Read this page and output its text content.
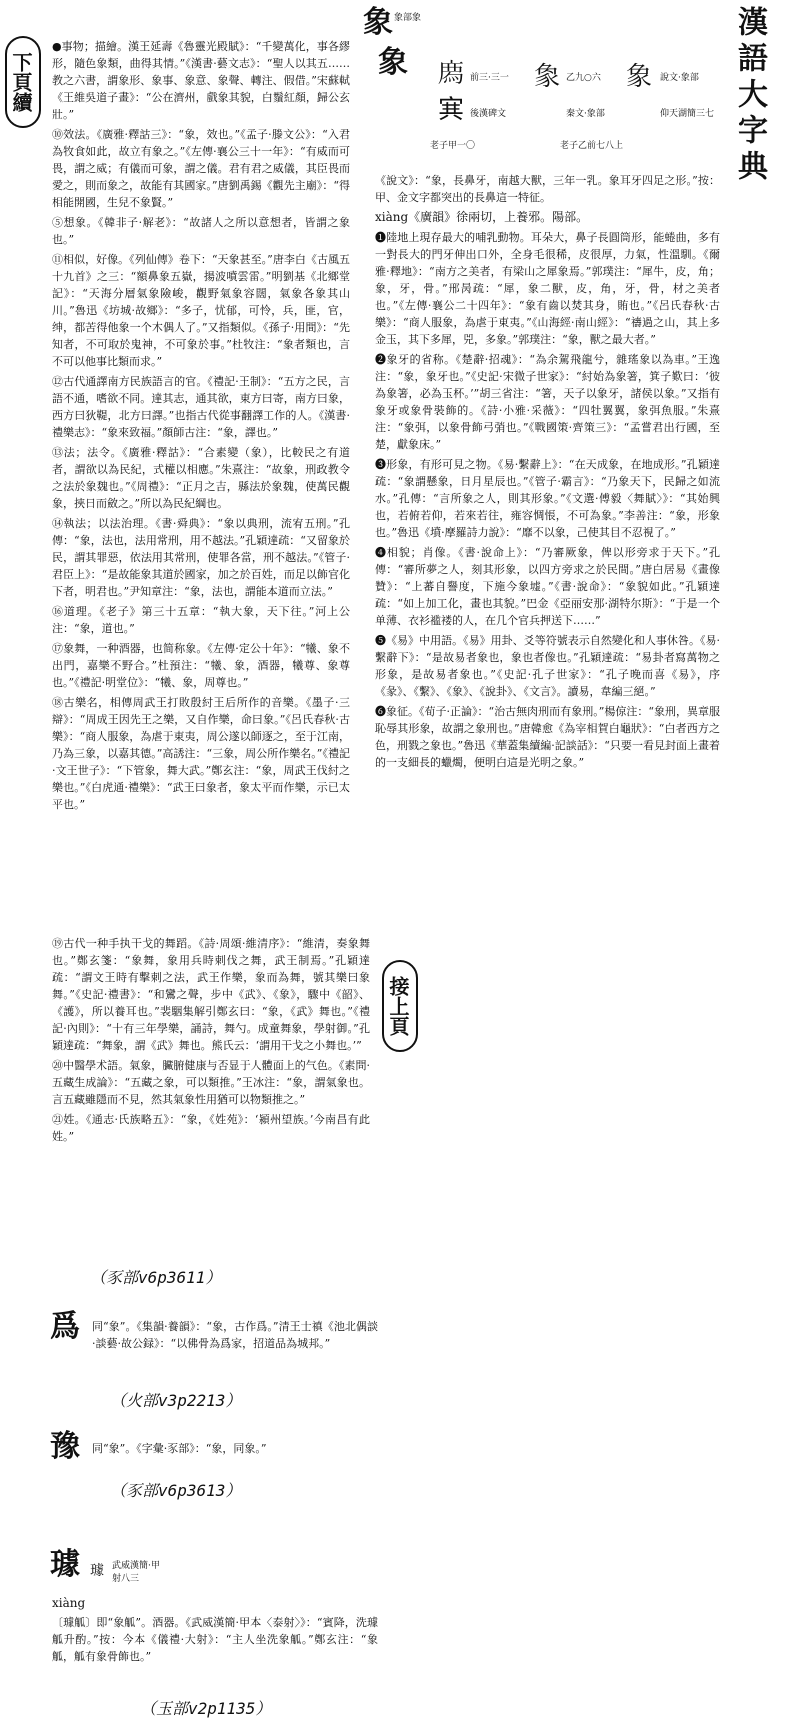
漢語大字典
下頁續
象 象部象
象 𢊁 前三·三一
𡨄 後漢碑文
𧰼 乙九○六
秦文·象部
象 說文·象部
仰天湖簡三七
老子甲一〇	老子乙前七八上

●事物；描繪。漢王延壽《魯靈光殿賦》：“千變萬化，事各繆形，隨色象類，曲得其情。”《漢書·藝文志》：“聖人以其五……教之六書，謂象形、象事、象意、象聲、轉注、假借。”宋蘇軾《王維吳道子畫》：“公在濟州，戲象其貌，白鬚紅顏，歸公玄壯。”

⑩效法。《廣雅·釋詁三》：“象，效也。”《孟子·滕文公》：“入君為牧食如此，故立有象之。”《左傳·襄公三十一年》：“有威而可畏，謂之威；有儀而可象，謂之儀。君有君之威儀，其臣畏而愛之，則而象之，故能有其國家。”唐劉禹錫《觀先主廟》：“得相能開國，生兒不象賢。”

⑤想象。《韓非子·解老》：“故諸人之所以意想者，皆謂之象也。”

⑪相似，好像。《列仙傳》卷下：“天象甚至。”唐李白《古風五十九首》之三：“額鼻象五嶽，揚波噴雲雷。”明劉基《北鄉堂記》：“天海分層氣象險峻，觀野氣象容闊，氣象各象其山川。”魯迅《坊城·故鄉》：“多子，忧郁，可怜，兵，匪，官，绅，都苦得他象一个木偶人了。”又指類似。《孫子·用間》：“先知者，不可取於鬼神，不可象於事。”杜牧注：“象者類也，言不可以他事比類而求。”

⑫古代通譯南方民族語言的官。《禮記·王制》：“五方之民，言語不通，嗜欲不同。達其志，通其欲，東方曰寄，南方曰象，西方曰狄鞮，北方曰譯。”也指古代從事翻譯工作的人。《漢書·禮樂志》：“象來致福。”顏師古注：“象，譯也。”

⑬法；法令。《廣雅·釋詁》：“合素變（象），比較民之有道者，謂欲以為民紀，式權以相應。”朱熹注：“故象，刑政教令之法於象魏也。”《周禮》：“正月之吉，縣法於象魏，使萬民觀象，挾日而斂之。”所以為民紀綱也。

⑭執法；以法治理。《書·舜典》：“象以典刑，流宥五刑。”孔傳：“象，法也，法用常刑，用不越法。”孔穎達疏：“又留象於民，謂其罪惡，依法用其常刑，使罪各當，刑不越法。”《管子·君臣上》：“是故能象其道於國家，加之於百姓，而足以飾官化下者，明君也。”尹知章注：“象，法也，謂能本道而立法。”

⑯道理。《老子》第三十五章：“執大象，天下往。”河上公注：“象，道也。”

⑰象舞，一种酒器，也简称象。《左傳·定公十年》：“犧、象不出門，嘉樂不野合。”杜預注：“犧、象，酒器，犧尊、象尊也。”《禮記·明堂位》：“犧、象，周尊也。”

⑱古樂名，相傳周武王打敗殷紂王后所作的音樂。《墨子·三辯》：“周成王因先王之樂，又自作樂，命曰象。”《呂氏春秋·古樂》：“商人服象，為虐于東夷，周公遂以師逐之，至于江南，乃為三象，以嘉其德。”高誘注：“三象，周公所作樂名。”《禮記·文王世子》：“下管象，舞大武。”鄭玄注：“象，周武王伐紂之樂也。”《白虎通·禮樂》：“武王曰象者，象太平而作樂，示已太平也。”

《說文》：“象，長鼻牙，南越大獸，三年一乳。象耳牙四足之形。”按：甲、金文字都突出的長鼻這一特征。

xiàng《廣韻》徐兩切，上養邪。陽部。

❶陸地上現存最大的哺乳動物。耳朵大，鼻子長圓筒形，能蜷曲，多有一對長大的門牙伸出口外，全身毛很稀，皮很厚，力氣，性溫馴。《爾雅·釋地》：“南方之美者，有梁山之犀象焉。”郭璞注：“犀牛，皮，角；象，牙，骨。”邢昺疏：“犀，象二獸，皮，角，牙，骨，材之美者也。”《左傳·襄公二十四年》：“象有齒以焚其身，賄也。”《呂氏春秋·古樂》：“商人服象，為虐于東夷。”《山海經·南山經》：“禱過之山，其上多金玉，其下多犀，兕，多象。”郭璞注：“象，獸之最大者。”

❷象牙的省称。《楚辭·招魂》：“為余駕飛龍兮，雜瑤象以為車。”王逸注：“象，象牙也。”《史記·宋微子世家》：“紂始為象箸，箕子歎曰：‘彼為象箸，必為玉杯。’”胡三省注：“箸，天子以象牙，諸侯以象。”又指有象牙或象骨裝飾的。《詩·小雅·采薇》：“四牡翼翼，象弭魚服。”朱熹注：“象弭，以象骨飾弓弰也。”《戰國策·齊策三》：“孟嘗君出行國，至楚，獻象床。”

❸形象，有形可見之物。《易·繫辭上》：“在天成象，在地成形。”孔穎達疏：“象謂懸象，日月星辰也。”《管子·霸言》：“乃象天下，民歸之如流水。”孔傳：“言所象之人，則其形象。”《文選·傅毅〈舞賦〉》：“其始興也，若俯若仰，若來若往，雍容惆悵，不可為象。”李善注：“象，形象也。”魯迅《墳·摩羅詩力說》：“靡不以象，己使其目不忍視了。”

❹相貌；肖像。《書·說命上》：“乃審厥象，俾以形旁求于天下。”孔傳：“審所夢之人，刻其形象，以四方旁求之於民間。”唐白居易《畫像贊》：“上蕃自譽度，下施今象墟。”《書·說命》：“象貌如此。”孔穎達疏：“如上加工化，畫也其貌。”巴金《亞丽安那·湖特尔斯》：“于是一个单薄、衣衫褴褛的人，在几个官兵押送下……”

❺《易》中用語。《易》用卦、爻等符號表示自然變化和人事休咎。《易·繫辭下》：“是故易者象也，象也者像也。”孔穎達疏：“易卦者寫萬物之形象，是故易者象也。”《史記·孔子世家》：“孔子晚而喜《易》，序《彖》、《繫》、《象》、《說卦》、《文言》。讀易，韋編三絕。”

❻象征。《荀子·正論》：“治古無肉刑而有象刑。”楊倞注：“象刑，異章服恥辱其形象，故謂之象刑也。”唐韓愈《為宰相賀白龜狀》：“白者西方之色，刑戮之象也。”魯迅《華蓋集續編·記談話》：“只要一看見封面上畫着的一支細長的蠟燭，便明白這是光明之象。”

接上頁

⑲古代一种手执干戈的舞蹈。《詩·周頌·維清序》：“維清，奏象舞也。”鄭玄箋：“象舞，象用兵時刺伐之舞，武王制焉。”孔穎達疏：“謂文王時有擊刺之法，武王作樂，象而為舞，號其樂曰象舞。”《史記·禮書》：“和鸞之聲，步中《武》、《象》，驟中《韶》、《護》，所以養耳也。”裴駰集解引鄭玄曰：“象，《武》舞也。”《禮記·內則》：“十有三年學樂，誦詩，舞勺。成童舞象，學射御。”孔穎達疏：“舞象，謂《武》舞也。熊氏云：‘謂用干戈之小舞也。’”

⑳中醫學术語。氣象，臟腑健康与否显于人體面上的气色。《素問·五藏生成論》：“五藏之象，可以類推。”王冰注：“象，謂氣象也。言五藏雖隱而不見，然其氣象性用猶可以物類推之。”

㉑姓。《通志·氏族略五》：“象，《姓苑》：‘潁州望族。’今南昌有此姓。”

（豕部v6p3611）
爲 同“象”。《集韻·養韻》：“象，古作爲。”清王士禛《池北偶談·談藝·故公録》：“以佛骨為爲家，招道品為城邦。”
（火部v3p2213）
豫 同“象”。《字彙·豕部》：“象，同象。”
（豕部v6p3613）
璩 璩 武威漢簡·甲
射八三
xiàng
〔璩觚〕即“象觚”。酒器。《武威漢簡·甲本〈泰射〉》：“賓降，洗璩觚升酌。”按：今本《儀禮·大射》：“主人坐洗象觚。”鄭玄注：“象觚，觚有象骨飾也。”
（玉部v2p1135）
